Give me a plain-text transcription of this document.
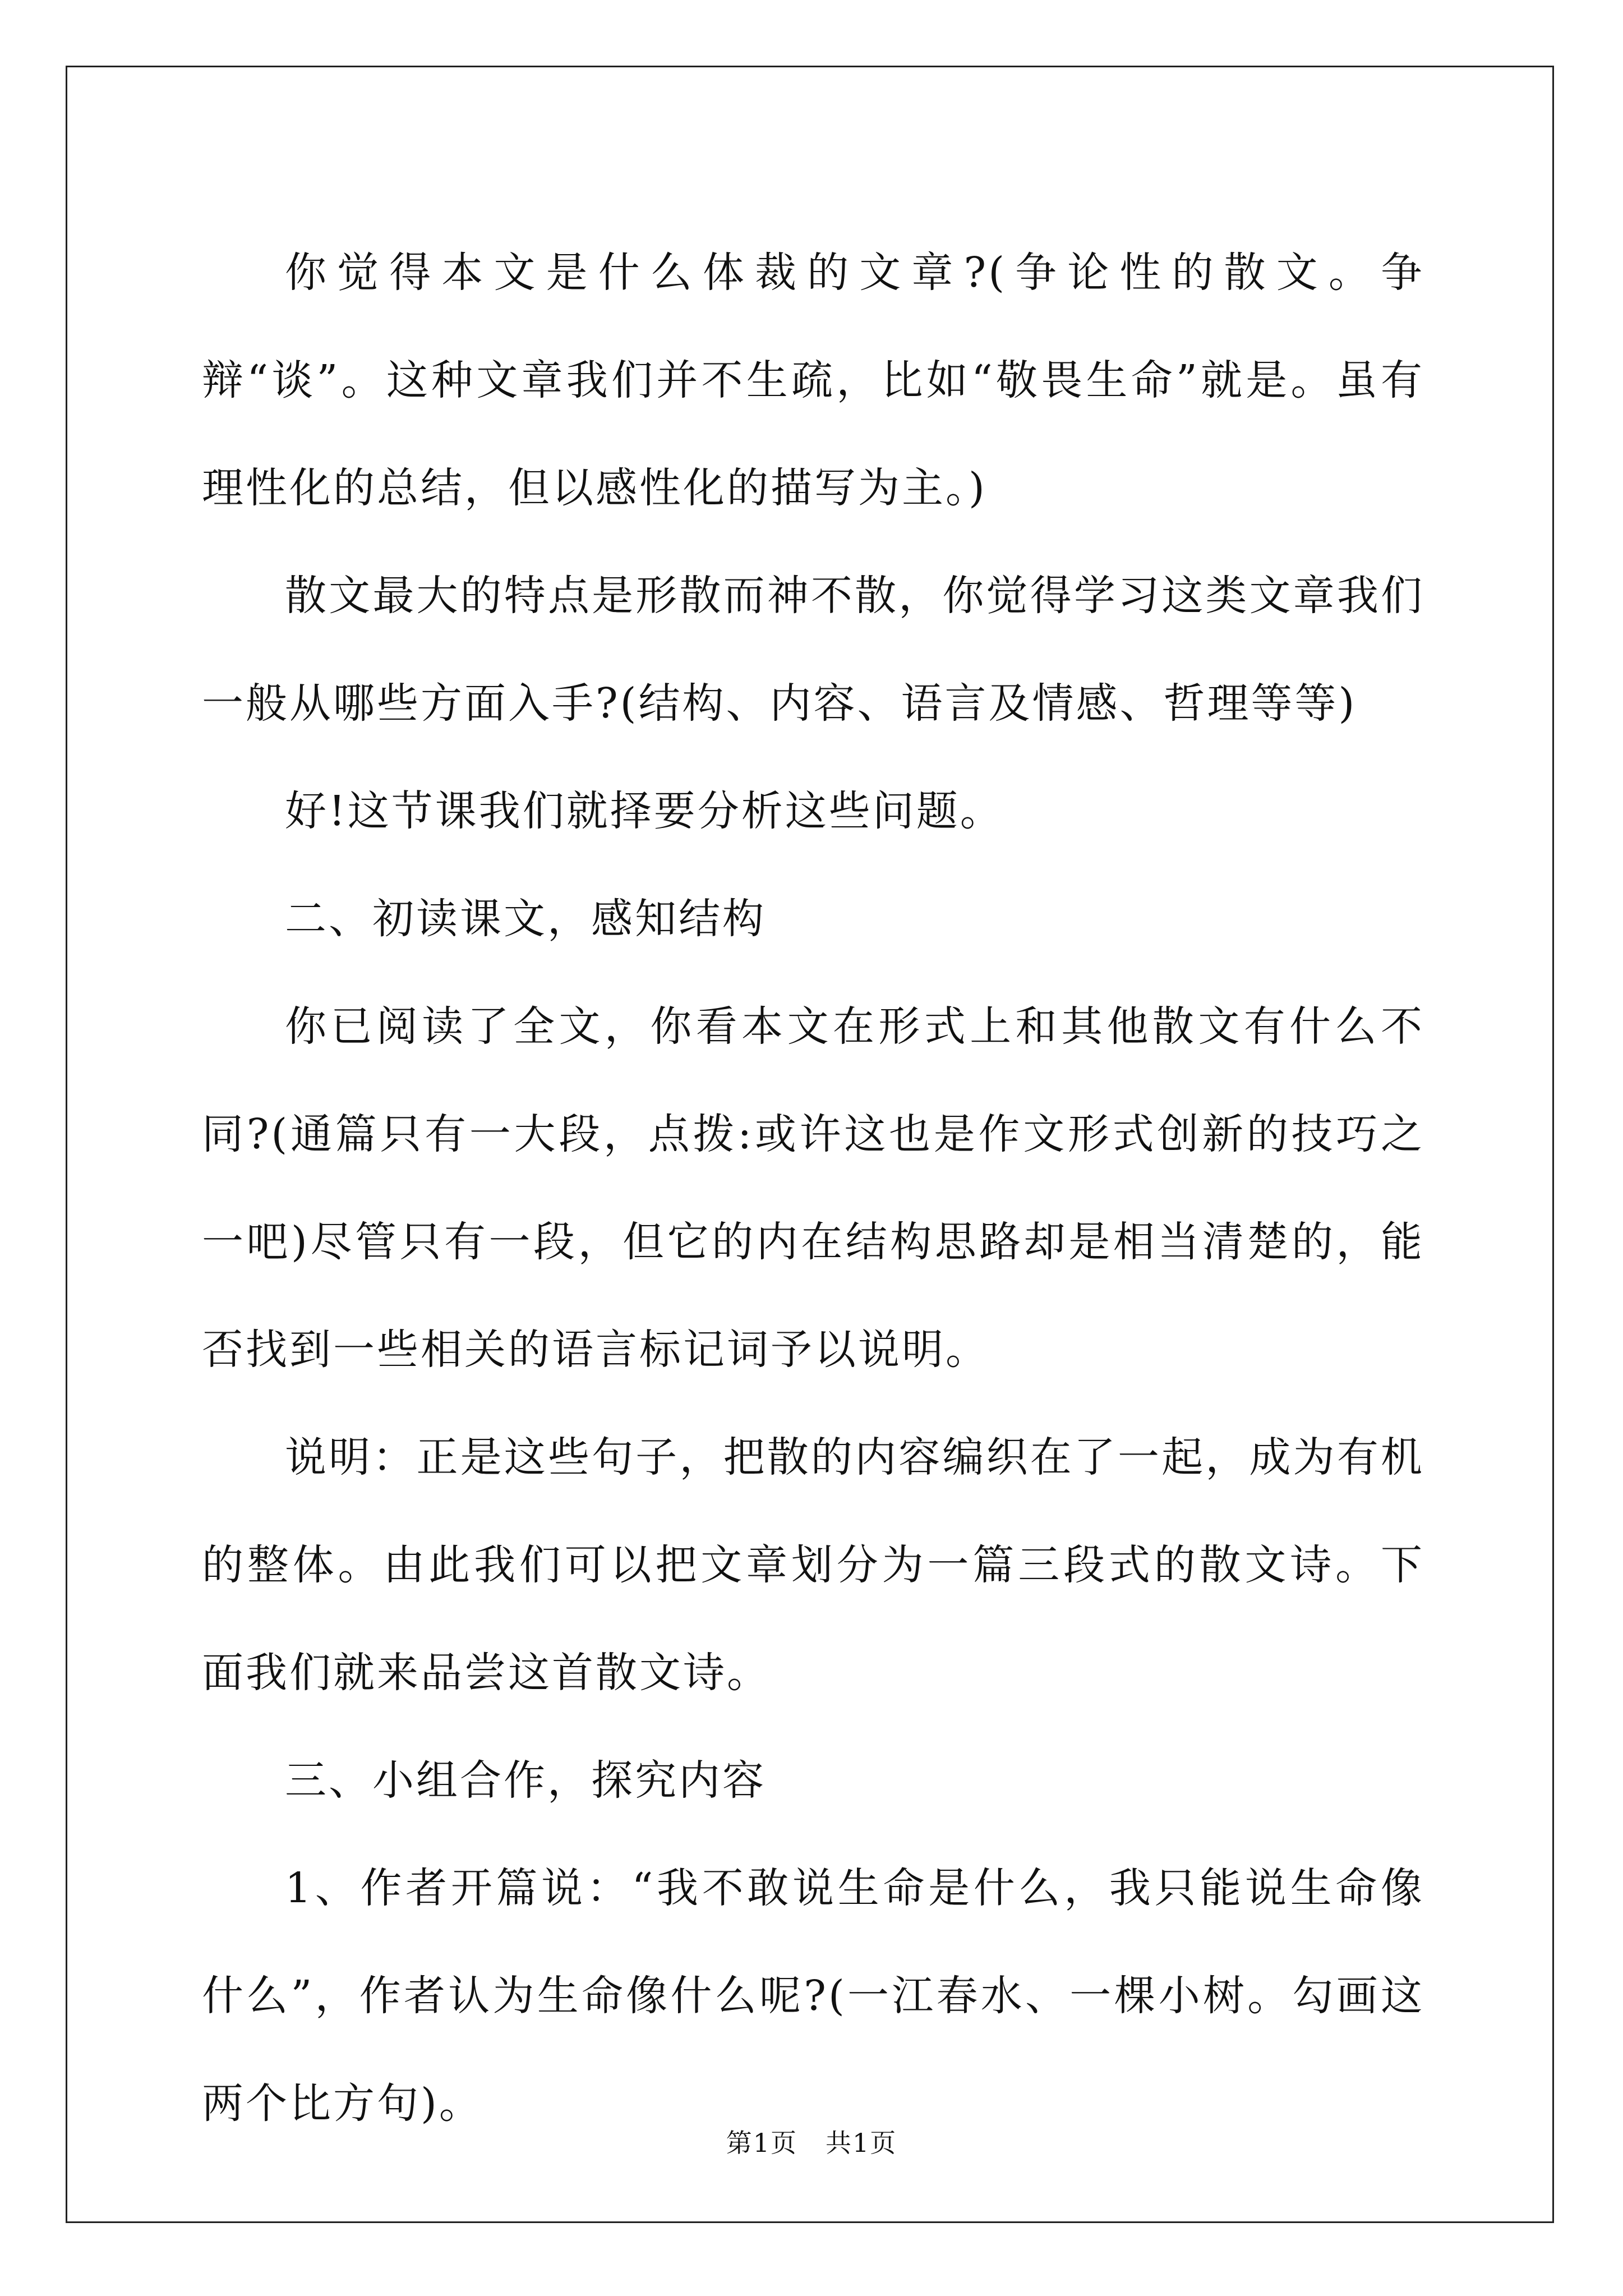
你觉得本文是什么体裁的文章?(争论性的散文。争辩“谈”。这种文章我们并不生疏，比如“敬畏生命”就是。虽有理性化的总结，但以感性化的描写为主。)

散文最大的特点是形散而神不散，你觉得学习这类文章我们一般从哪些方面入手?(结构、内容、语言及情感、哲理等等)

好!这节课我们就择要分析这些问题。

二、初读课文，感知结构

你已阅读了全文，你看本文在形式上和其他散文有什么不同?(通篇只有一大段，点拨:或许这也是作文形式创新的技巧之一吧)尽管只有一段，但它的内在结构思路却是相当清楚的，能否找到一些相关的语言标记词予以说明。

说明：正是这些句子，把散的内容编织在了一起，成为有机的整体。由此我们可以把文章划分为一篇三段式的散文诗。下面我们就来品尝这首散文诗。

三、小组合作，探究内容

1、作者开篇说：“我不敢说生命是什么，我只能说生命像什么”，作者认为生命像什么呢?(一江春水、一棵小树。勾画这两个比方句)。

第1页 共1页
